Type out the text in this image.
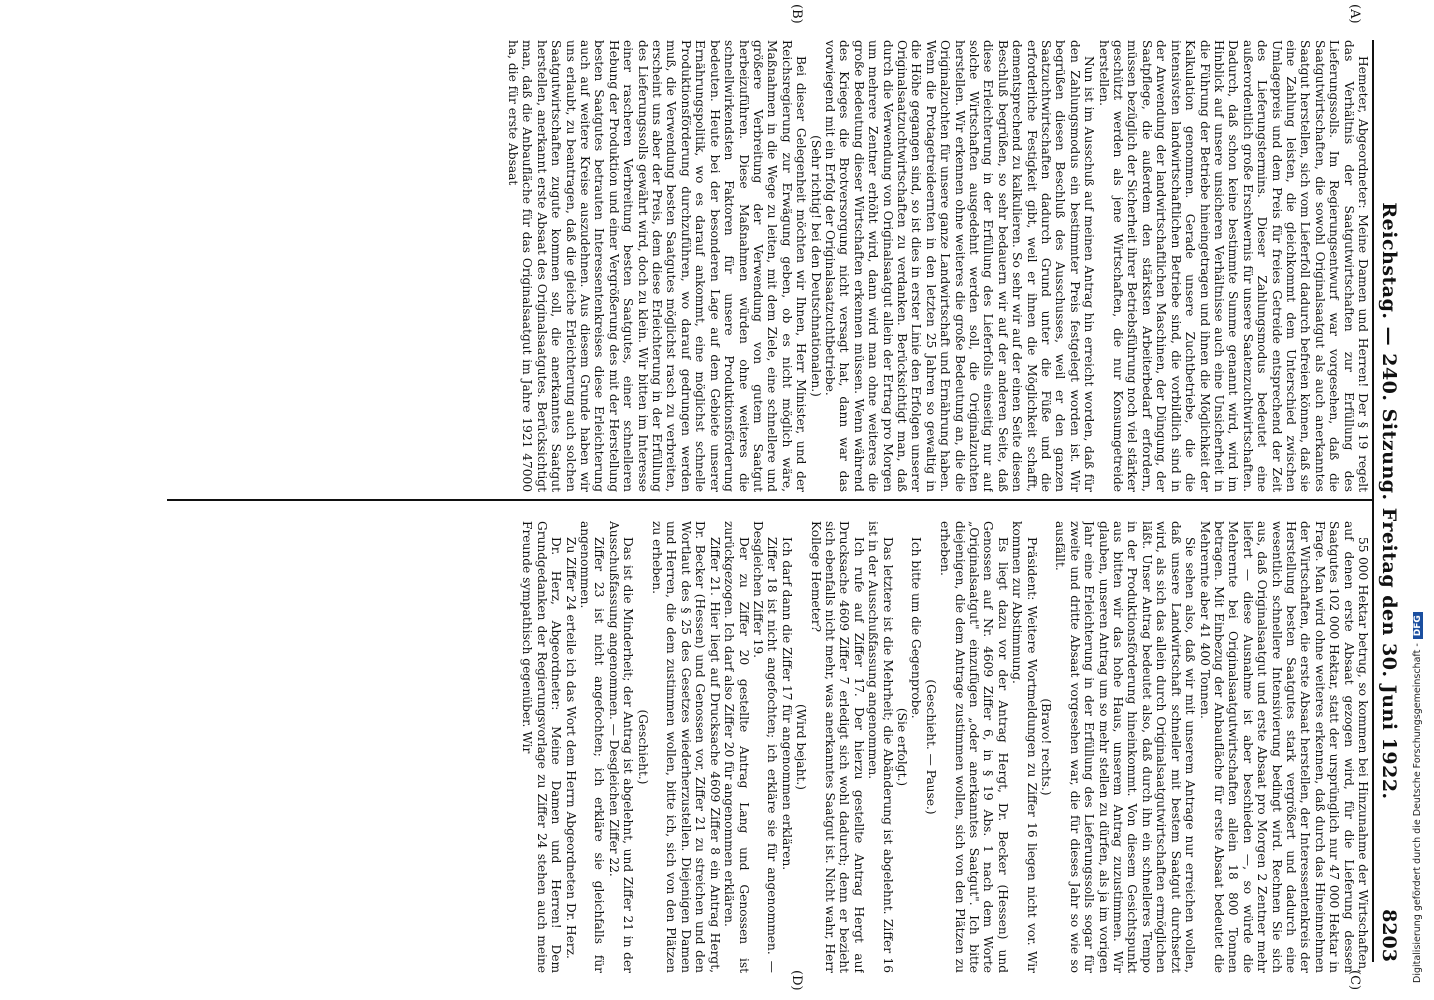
Reichstag. — 240. Sitzung. Freitag den 30. Juni 1922.
8203
(A)
(B)
(C)
(D)

Hemeter, Abgeordneter: Meine Damen und Herren! Der § 19 regelt das Verhältnis der Saatgutwirtschaften zur Erfüllung des Lieferungssolls. Im Regierungsentwurf war vorgesehen, daß die Saatgutwirtschaften, die sowohl Originalsaatgut als auch anerkanntes Saatgut herstellen, sich vom Lieferfoll dadurch befreien können, daß sie eine Zahlung leisten, die gleichkommt dem Unterschied zwischen Umlagepreis und dem Preis für freies Getreide entsprechend der Zeit des Lieferungstermins. Dieser Zahlungsmodus bedeutet eine außerordentlich große Erschwernis für unsere Saatenzuchtwirtschaften. Dadurch, daß schon keine bestimmte Summe genannt wird, wird im Hinblick auf unsere unsicheren Verhältnisse auch eine Unsicherheit in die Führung der Betriebe hineingetragen und ihnen die Möglichkeit der Kalkulation genommen. Gerade unsere Zuchtbetriebe, die die intensivsten landwirtschaftlichen Betriebe sind, die vorbildlich sind in der Anwendung der landwirtschaftlichen Maschinen, der Düngung, der Saatpflege, die außerdem den stärksten Arbeiterbedarf erfordern, müssen bezüglich der Sicherheit ihrer Betriebsführung noch viel stärker geschützt werden als jene Wirtschaften, die nur Konsumgetreide herstellen.

Nun ist im Ausschuß auf meinen Antrag hin erreicht worden, daß für den Zahlungsmodus ein bestimmter Preis festgelegt worden ist. Wir begrüßen diesen Beschluß des Ausschusses, weil er den ganzen Saatzuchtwirtschaften dadurch Grund unter die Füße und die erforderliche Festigkeit gibt, weil er ihnen die Möglichkeit schafft, dementsprechend zu kalkulieren. So sehr wir auf der einen Seite diesen Beschluß begrüßen, so sehr bedauern wir auf der anderen Seite, daß diese Erleichterung in der Erfüllung des Lieferfolls einseitig nur auf solche Wirtschaften ausgedehnt werden soll, die Originalzuchten herstellen. Wir erkennen ohne weiteres die große Bedeutung an, die die Originalzuchten für unsere ganze Landwirtschaft und Ernährung haben. Wenn die Protagetreideernten in den letzten 25 Jahren so gewaltig in die Höhe gegangen sind, so ist dies in erster Linie den Erfolgen unserer Originalsaatzuchtwirtschaften zu verdanken. Berücksichtigt man, daß durch die Verwendung von Originalsaatgut allein der Ertrag pro Morgen um mehrere Zentner erhöht wird, dann wird man ohne weiteres die große Bedeutung dieser Wirtschaften erkennen müssen. Wenn während des Krieges die Brotversorgung nicht versagt hat, dann war das vorwiegend mit ein Erfolg der Originalsaatzuchtbetriebe.

(Sehr richtig! bei den Deutschnationalen.)

Bei dieser Gelegenheit möchten wir Ihnen, Herr Minister, und der Reichsregierung zur Erwägung geben, ob es nicht möglich wäre, Maßnahmen in die Wege zu leiten, mit dem Ziele, eine schnellere und größere Verbreitung der Verwendung von gutem Saatgut herbeizuführen. Diese Maßnahmen würden ohne weiteres die schnellwirkendsten Faktoren für unsere Produktionsförderung bedeuten. Heute bei der besonderen Lage auf dem Gebiete unserer Ernährungspolitik, wo es darauf ankommt, eine möglichst schnelle Produktionsförderung durchzuführen, wo darauf gedrungen werden muß, die Verwendung besten Saatgutes möglichst rasch zu verbreiten, erscheint uns aber der Preis, dem diese Erleichterung in der Erfüllung des Lieferungssolls gewährt wird, doch zu klein. Wir bitten im Interesse einer rascheren Verbreitung besten Saatgutes, einer schnelleren Hebung der Produktion und einer Vergrößerung des mit der Herstellung besten Saatgutes betrauten Interessentenkreises diese Erleichterung auch auf weitere Kreise auszudehnen. Aus diesem Grunde haben wir uns erlaubt, zu beantragen, daß die gleiche Erleichterung auch solchen Saatgutwirtschaften zugute kommen soll, die anerkanntes Saatgut herstellen, anerkannt erste Absaat des Originalsaatgutes. Berücksichtigt man, daß die Anbaufläche für das Originalsaatgut im Jahre 1921 47000 ha, die für erste Absaat

55 000 Hektar betrug, so kommen bei Hinzunahme der Wirtschaften, auf denen erste Absaat gezogen wird, für die Lieferung dessen Saatgutes 102 000 Hektar, statt der ursprünglich nur 47 000 Hektar in Frage. Man wird ohne weiteres erkennen, daß durch das Hineinnehmen der Wirtschaften, die erste Absaat herstellen, der Interessentenkreis der Herstellung besten Saatgutes stark vergrößert und dadurch eine wesentlich schnellere Intensivierung bedingt wird. Rechnen Sie sich aus, daß Originalsaatgut und erste Absaat pro Morgen 2 Zentner mehr liefert — diese Ausnahme ist aber beschieden —, so würde die Mehrernte bei Originalsaatgutwirtschaften allein 18 800 Tonnen betragen. Mit Einbezug der Anbaufläche für erste Absaat bedeutet die Mehrernte aber 41 400 Tonnen.

Sie sehen also, daß wir mit unserem Antrage nur erreichen wollen, daß unsere Landwirtschaft schneller mit bestem Saatgut durchsetzt wird, als sich das allein durch Originalsaatgutwirtschaften ermöglichen läßt. Unser Antrag bedeutet also, daß durch ihn ein schnelleres Tempo in der Produktionsförderung hineinkommt. Von diesem Gesichtspunkt aus bitten wir das hohe Haus, unserem Antrag zuzustimmen. Wir glauben, unseren Antrag um so mehr stellen zu dürfen, als ja im vorigen Jahr eine Erleichterung in der Erfüllung des Lieferungssolls sogar für zweite und dritte Absaat vorgesehen war, die für dieses Jahr so wie so ausfällt.

(Bravo! rechts.)

Präsident: Weitere Wortmeldungen zu Ziffer 16 liegen nicht vor. Wir kommen zur Abstimmung.

Es liegt dazu vor der Antrag Hergt, Dr. Becker (Hessen) und Genossen auf Nr. 4609 Ziffer 6, in § 19 Abs. 1 nach dem Worte „Originalsaatgut" einzufügen „oder anerkanntes Saatgut". Ich bitte diejenigen, die dem Antrage zustimmen wollen, sich von den Plätzen zu erheben.

(Geschieht. — Pause.)

Ich bitte um die Gegenprobe.

(Sie erfolgt.)

Das letztere ist die Mehrheit; die Abänderung ist abgelehnt. Ziffer 16 ist in der Ausschußfassung angenommen.

Ich rufe auf Ziffer 17. Der hierzu gestellte Antrag Hergt auf Drucksache 4609 Ziffer 7 erledigt sich wohl dadurch; denn er bezieht sich ebenfalls nicht mehr, was anerkanntes Saatgut ist. Nicht wahr, Herr Kollege Hemeter?

(Wird bejaht.)

Ich darf dann die Ziffer 17 für angenommen erklären.

Ziffer 18 ist nicht angefochten; ich erkläre sie für angenommen. — Desgleichen Ziffer 19.

Der zu Ziffer 20 gestellte Antrag Lang und Genossen ist zurückgezogen. Ich darf also Ziffer 20 für angenommen erklären.

Ziffer 21. Hier liegt auf Drucksache 4609 Ziffer 8 ein Antrag Hergt, Dr. Becker (Hessen) und Genossen vor, Ziffer 21 zu streichen und den Wortlaut des § 25 des Gesetzes wiederherzustellen. Diejenigen Damen und Herren, die dem zustimmen wollen, bitte ich, sich von den Plätzen zu erheben.

(Geschieht.)

Das ist die Minderheit; der Antrag ist abgelehnt, und Ziffer 21 in der Ausschußfassung angenommen. — Desgleichen Ziffer 22.

Ziffer 23 ist nicht angefochten; ich erkläre sie gleichfalls für angenommen.

Zu Ziffer 24 erteile ich das Wort dem Herrn Abgeordneten Dr. Herz.

Dr. Herz, Abgeordneter: Meine Damen und Herren! Dem Grundgedanken der Regierungsvorlage zu Ziffer 24 stehen auch meine Freunde sympathisch gegenüber. Wir

Digitalisierung gefördert durch die Deutsche Forschungsgemeinschaft -DFG
